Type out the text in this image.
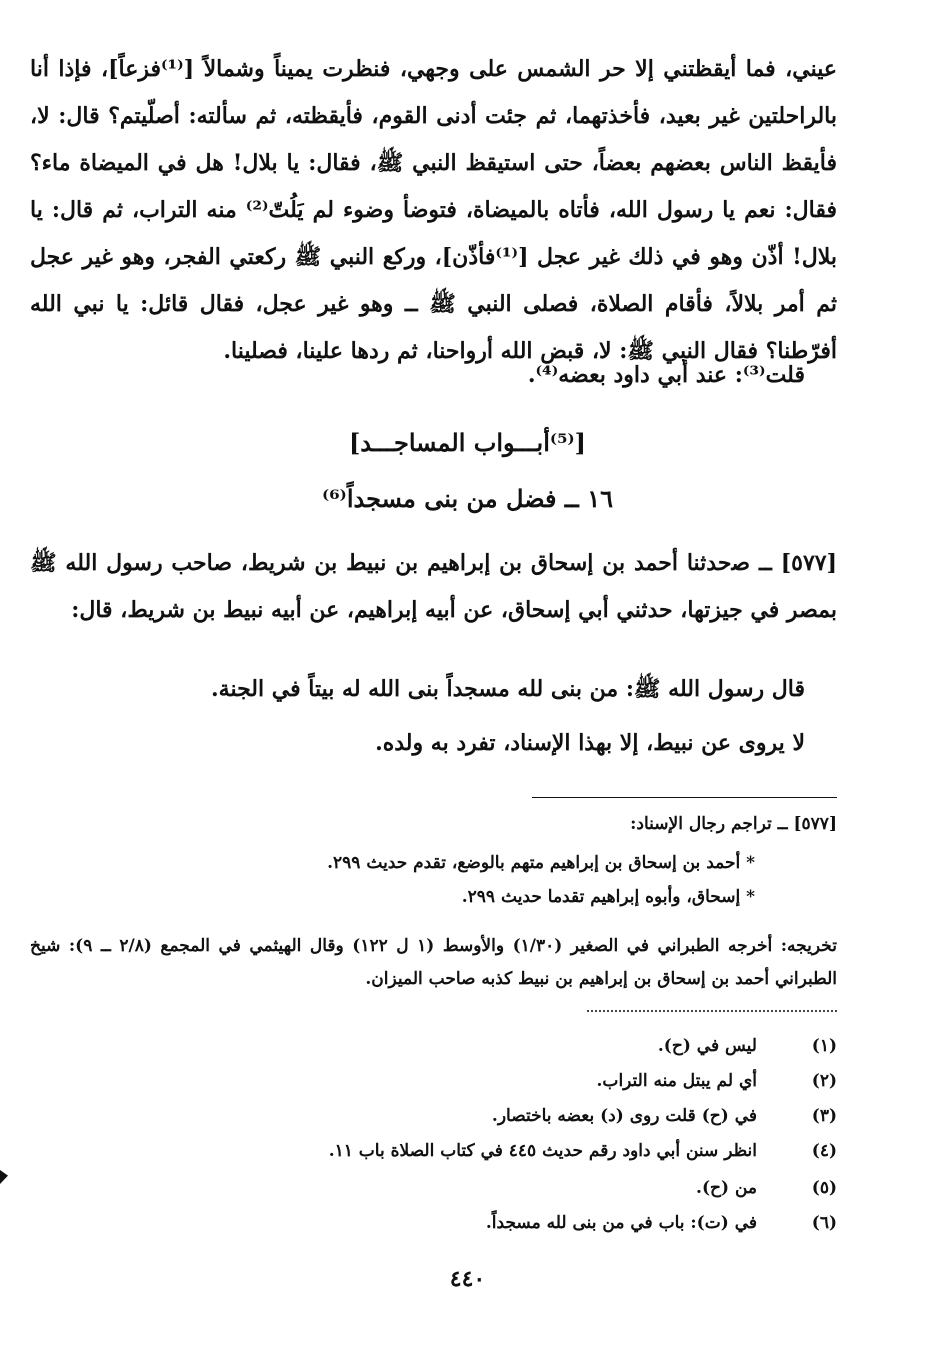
عيني، فما أيقظتني إلا حر الشمس على وجهي، فنظرت يميناً وشمالاً [⁽¹⁾فزعاً]، فإذا أنا بالراحلتين غير بعيد، فأخذتهما، ثم جئت أدنى القوم، فأيقظته، ثم سألته: أصلّيتم؟ قال: لا، فأيقظ الناس بعضهم بعضاً، حتى استيقظ النبي ﷺ، فقال: يا بلال! هل في الميضاة ماء؟ فقال: نعم يا رسول الله، فأتاه بالميضاة، فتوضأ وضوء لم يَلُتّ⁽²⁾ منه التراب، ثم قال: يا بلال! أذّن وهو في ذلك غير عجل [⁽¹⁾فأذّن]، وركع النبي ﷺ ركعتي الفجر، وهو غير عجل ثم أمر بلالاً، فأقام الصلاة، فصلى النبي ﷺ ــ وهو غير عجل، فقال قائل: يا نبي الله أفرّطنا؟ فقال النبي ﷺ: لا، قبض الله أرواحنا، ثم ردها علينا، فصلينا.
قلت⁽³⁾: عند أبي داود بعضه⁽⁴⁾.
[⁽⁵⁾أبـــواب المساجـــد]
١٦ ــ فضل من بنى مسجداً⁽⁶⁾
[٥٧٧] ــ ﺻحدثنا أحمد بن إسحاق بن إبراهيم بن نبيط بن شريط، صاحب رسول الله ﷺ بمصر في جيزتها، حدثني أبي إسحاق، عن أبيه إبراهيم، عن أبيه نبيط بن شريط، قال:
قال رسول الله ﷺ: من بنى لله مسجداً بنى الله له بيتاً في الجنة.
لا يروى عن نبيط، إلا بهذا الإسناد، تفرد به ولده.
[٥٧٧] ــ تراجم رجال الإسناد:
* أحمد بن إسحاق بن إبراهيم متهم بالوضع، تقدم حديث ٢٩٩.
* إسحاق، وأبوه إبراهيم تقدما حديث ٢٩٩.
تخريجه: أخرجه الطبراني في الصغير (١/٣٠) والأوسط (١ ل ١٢٢) وقال الهيثمي في المجمع (٢/٨ ــ ٩): شيخ الطبراني أحمد بن إسحاق بن إبراهيم بن نبيط كذبه صاحب الميزان.
(١)ليس في (ح).
(٢)أي لم يبتل منه التراب.
(٣)في (ح) قلت روى (د) بعضه باختصار.
(٤)انظر سنن أبي داود رقم حديث ٤٤٥ في كتاب الصلاة باب ١١.
(٥)من (ح).
(٦)في (ت): باب في من بنى لله مسجداً.
٤٤٠
